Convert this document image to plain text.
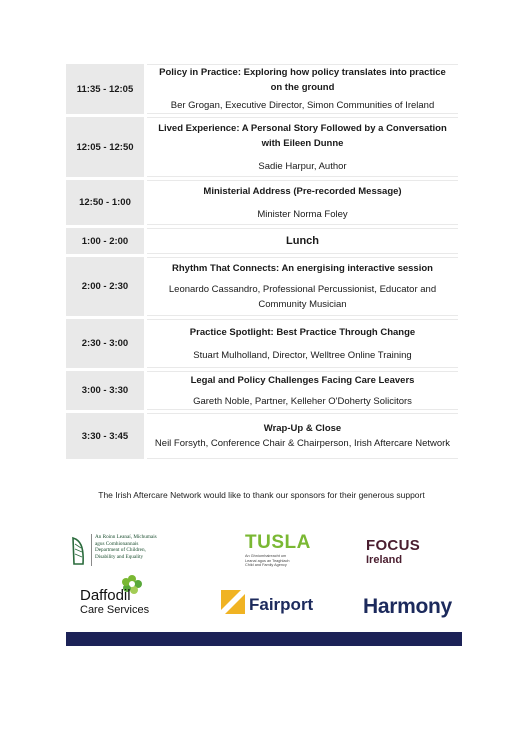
11:35 - 12:05
Policy in Practice: Exploring how policy translates into practice on the ground
Ber Grogan, Executive Director, Simon Communities of Ireland
12:05 - 12:50
Lived Experience: A Personal Story Followed by a Conversation with Eileen Dunne
Sadie Harpur, Author
12:50 - 1:00
Ministerial Address (Pre-recorded Message)
Minister Norma Foley
1:00 - 2:00	Lunch
2:00 - 2:30
Rhythm That Connects: An energising interactive session
Leonardo Cassandro, Professional Percussionist, Educator and Community Musician
2:30 - 3:00
Practice Spotlight: Best Practice Through Change
Stuart Mulholland, Director, Welltree Online Training
3:00 - 3:30
Legal and Policy Challenges Facing Care Leavers
Gareth Noble, Partner, Kelleher O'Doherty Solicitors
3:30 - 3:45
Wrap-Up & Close
Neil Forsyth, Conference Chair & Chairperson, Irish Aftercare Network
The Irish Aftercare Network would like to thank our sponsors for their generous support
An Roinn Leanaí, Míchumais
agus Comhionannais
Department of Children,
Disability and Equality
TUSLA
An Ghníomhaireacht um
Leanaí agus an Teaghlach
Child and Family Agency
FOCUS
Ireland
Daffodil
Care Services	Fairport Harmony
